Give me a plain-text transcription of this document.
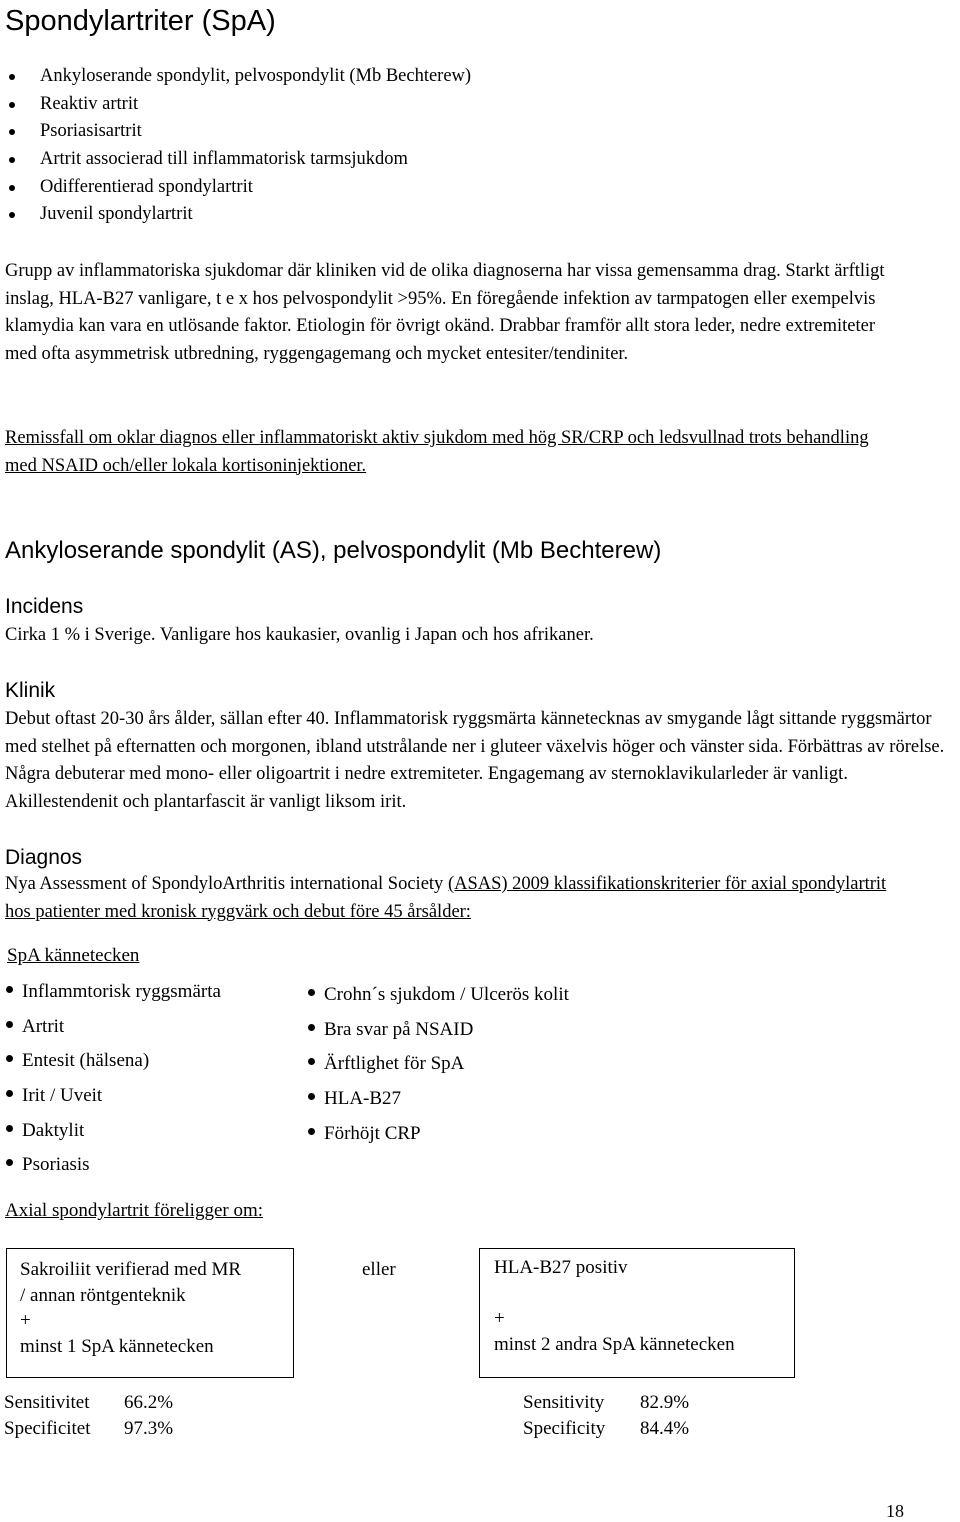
Spondylartriter (SpA)
Ankyloserande spondylit, pelvospondylit (Mb Bechterew)
Reaktiv artrit
Psoriasisartrit
Artrit associerad till inflammatorisk tarmsjukdom
Odifferentierad spondylartrit
Juvenil spondylartrit

Grupp av inflammatoriska sjukdomar där kliniken vid de olika diagnoserna har vissa gemensamma drag. Starkt ärftligt inslag, HLA-B27 vanligare, t e x hos pelvospondylit >95%. En föregående infektion av tarmpatogen eller exempelvis klamydia kan vara en utlösande faktor. Etiologin för övrigt okänd. Drabbar framför allt stora leder, nedre extremiteter med ofta asymmetrisk utbredning, ryggengagemang och mycket entesiter/tendiniter.

Remissfall om oklar diagnos eller inflammatoriskt aktiv sjukdom med hög SR/CRP och ledsvullnad trots behandling med NSAID och/eller lokala kortisoninjektioner.

Ankyloserande spondylit (AS), pelvospondylit (Mb Bechterew)
Incidens

Cirka 1 % i Sverige. Vanligare hos kaukasier, ovanlig i Japan och hos afrikaner.

Klinik

Debut oftast 20-30 års ålder, sällan efter 40. Inflammatorisk ryggsmärta kännetecknas av smygande lågt sittande ryggsmärtor med stelhet på efternatten och morgonen, ibland utstrålande ner i gluteer växelvis höger och vänster sida. Förbättras av rörelse. Några debuterar med mono- eller oligoartrit i nedre extremiteter. Engagemang av sternoklavikularleder är vanligt. Akillestendenit och plantarfascit är vanligt liksom irit.

Diagnos

Nya Assessment of SpondyloArthritis international Society (ASAS) 2009 klassifikationskriterier för axial spondylartrit hos patienter med kronisk ryggvärk och debut före 45 årsålder:

SpA kännetecken
Inflammtorisk ryggsmärta
Artrit
Entesit (hälsena)
Irit / Uveit
Daktylit
Psoriasis
Crohn´s sjukdom / Ulcerös kolit
Bra svar på NSAID
Ärftlighet för SpA
HLA-B27
Förhöjt CRP
Axial spondylartrit föreligger om:
Sakroiliit verifierad med MR
/ annan röntgenteknik
+
minst 1 SpA kännetecken
eller	HLA-B27 positiv
+
minst 2 andra SpA kännetecken
Sensitivitet 66.2%
Specificitet 97.3%
Sensitivity 82.9%
Specificity 84.4%
18
